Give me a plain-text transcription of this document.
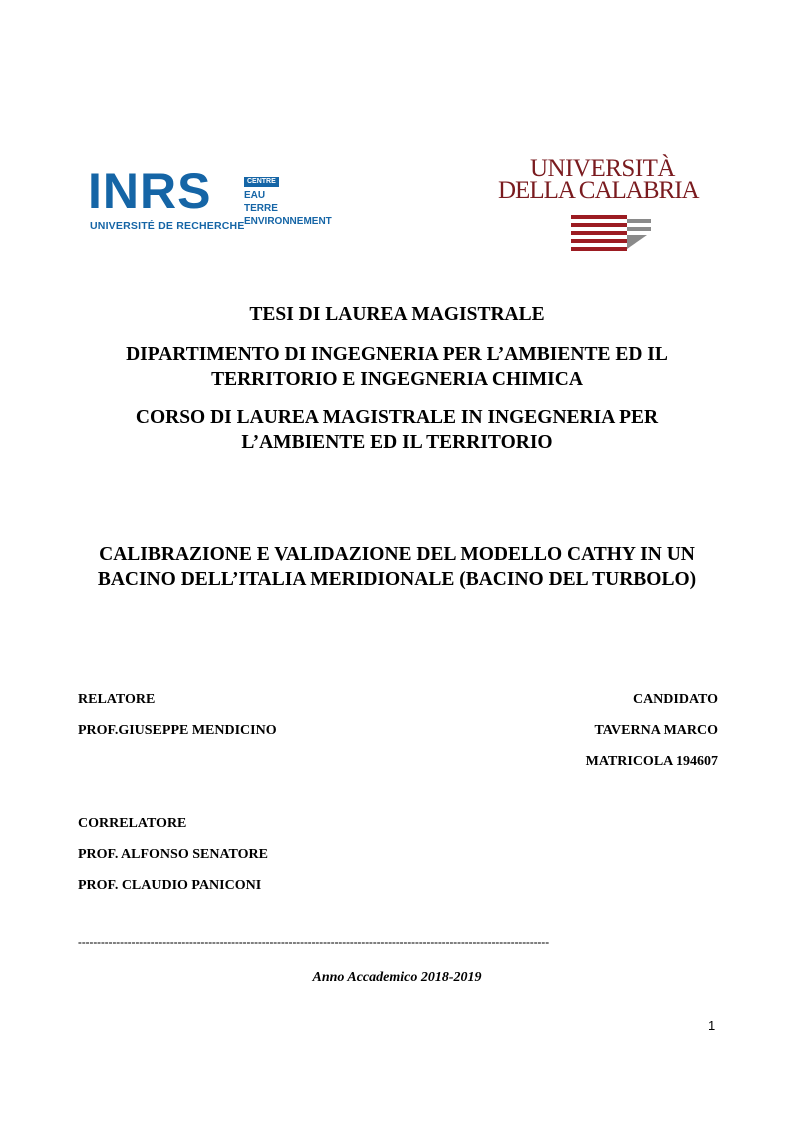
INRS
UNIVERSITÉ DE RECHERCHE
CENTRE
EAU
TERRE
ENVIRONNEMENT
UNIVERSITÀ
DELLA CALABRIA
TESI DI LAUREA MAGISTRALE
DIPARTIMENTO DI INGEGNERIA PER L’AMBIENTE ED IL TERRITORIO E INGEGNERIA CHIMICA
CORSO DI LAUREA MAGISTRALE IN INGEGNERIA PER L’AMBIENTE ED IL TERRITORIO
CALIBRAZIONE E VALIDAZIONE DEL MODELLO CATHY IN UN BACINO DELL’ITALIA MERIDIONALE (BACINO DEL TURBOLO)
RELATORE
PROF.GIUSEPPE MENDICINO
CANDIDATO
TAVERNA MARCO
MATRICOLA 194607
CORRELATORE
PROF. ALFONSO SENATORE
PROF. CLAUDIO PANICONI
---------------------------------------------------------------------------------------------------------------------------
Anno Accademico 2018-2019
1
